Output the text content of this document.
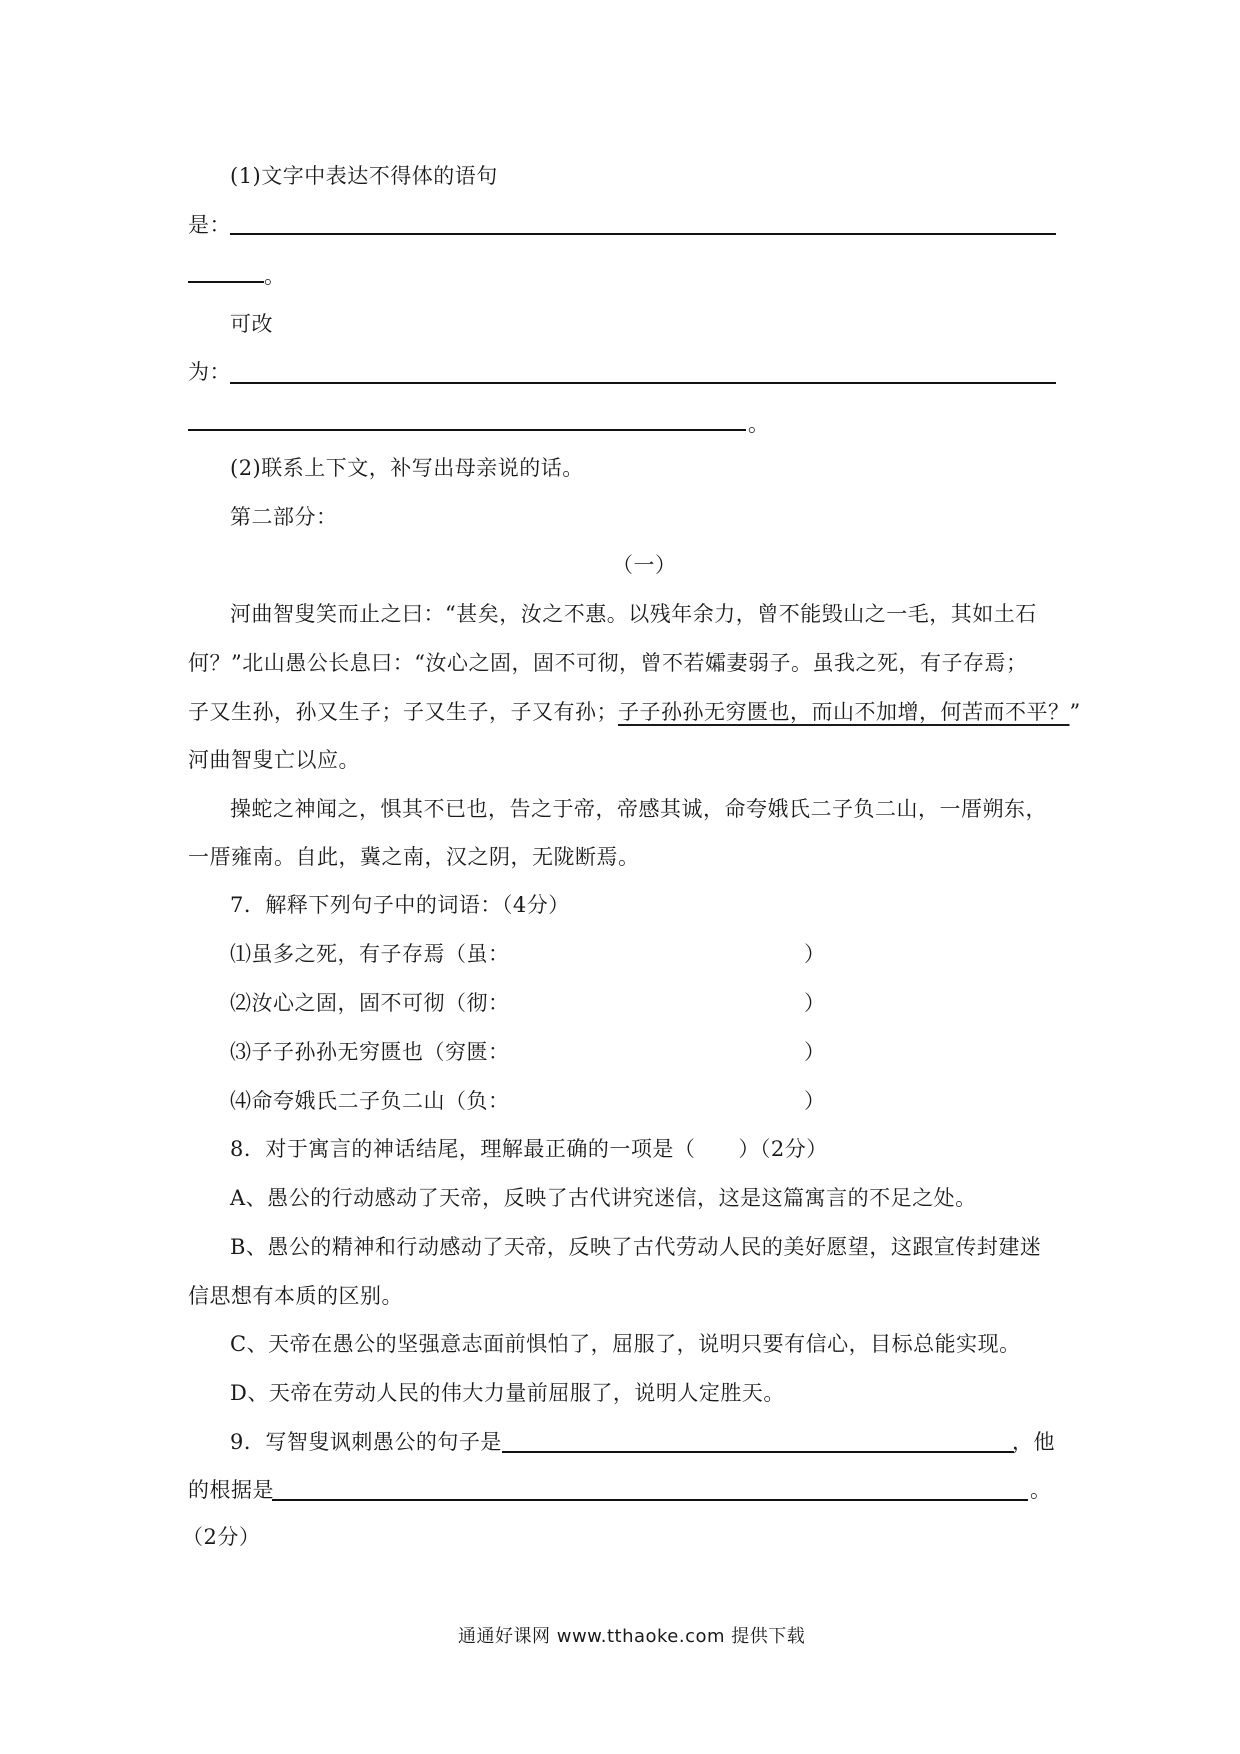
(1)文字中表达不得体的语句
是：
。
可改
为：
。
(2)联系上下文，补写出母亲说的话。
第二部分：
（一）
河曲智叟笑而止之曰：“甚矣，汝之不惠。以残年余力，曾不能毁山之一毛，其如土石
何？”北山愚公长息曰：“汝心之固，固不可彻，曾不若孀妻弱子。虽我之死，有子存焉；
子又生孙，孙又生子；子又生子，子又有孙；子子孙孙无穷匮也，而山不加增，何苦而不平？”
河曲智叟亡以应。
操蛇之神闻之，惧其不已也，告之于帝，帝感其诚，命夸娥氏二子负二山，一厝朔东，
一厝雍南。自此，冀之南，汉之阴，无陇断焉。
7．解释下列句子中的词语：（4分）
⑴虽多之死，有子存焉（虽：	）
⑵汝心之固，固不可彻（彻：	）
⑶子子孙孙无穷匮也（穷匮：	）
⑷命夸娥氏二子负二山（负：	）
8．对于寓言的神话结尾，理解最正确的一项是（　　）（2分）
A、愚公的行动感动了天帝，反映了古代讲究迷信，这是这篇寓言的不足之处。
B、愚公的精神和行动感动了天帝，反映了古代劳动人民的美好愿望，这跟宣传封建迷
信思想有本质的区别。
C、天帝在愚公的坚强意志面前惧怕了，屈服了，说明只要有信心，目标总能实现。
D、天帝在劳动人民的伟大力量前屈服了，说明人定胜天。
9．写智叟讽刺愚公的句子是	，他
的根据是	。
（2分）
通通好课网 www.tthaoke.com 提供下载
